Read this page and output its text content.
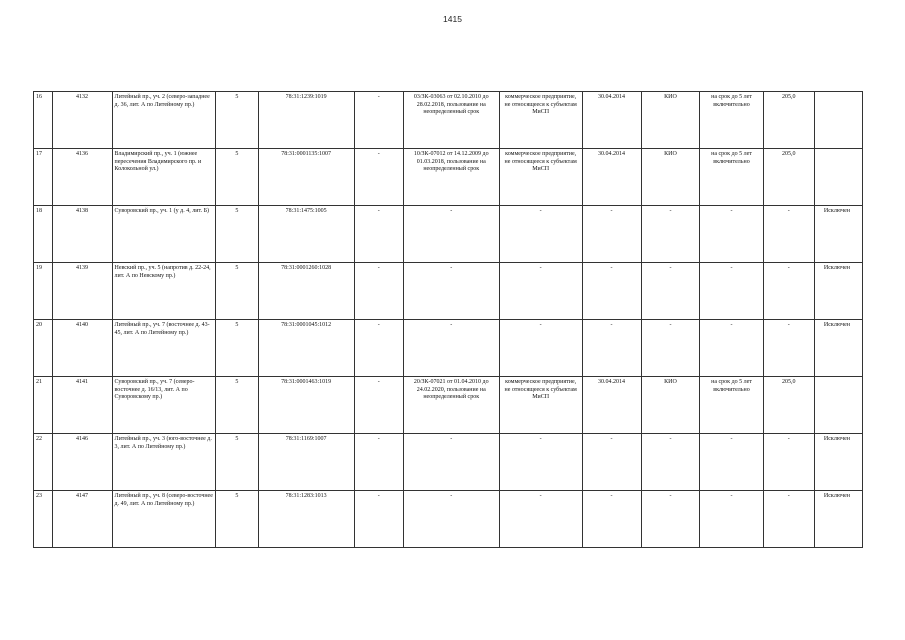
1415
16	4132	Литейный пр., уч. 2 (северо-западнее д. 36, лит. А по Литейному пр.)	5	78:31:1239:1019	-	03/ЗК-03063 от 02.10.2010 до 28.02.2018, пользование на неопределенный срок	коммерческое предприятие, не относящееся к субъектам МиСП	30.04.2014	КИО	на срок до 5 лет включительно	205,0	
17	4136	Владимирский пр., уч. 1 (южнее пересечения Владимирского пр. и Колокольной ул.)	5	78:31:0001135:1007	-	10/ЗК-07012 от 14.12.2009 до 01.03.2018, пользование на неопределенный срок	коммерческое предприятие, не относящееся к субъектам МиСП	30.04.2014	КИО	на срок до 5 лет включительно	205,0	
18	4138	Суворовский пр., уч. 1 (у д. 4, лит. Б)	5	78:31:1475:1005	-	-	-	-	-	-	-	Исключен
19	4139	Невский пр., уч. 5 (напротив д. 22-24, лит. А по Невскому пр.)	5	78:31:0001260:1028	-	-	-	-	-	-	-	Исключен
20	4140	Литейный пр., уч. 7 (восточнее д. 43-45, лит. А по Литейному пр.)	5	78:31:0001045:1012	-	-	-	-	-	-	-	Исключен
21	4141	Суворовский пр., уч. 7 (северо-восточнее д. 16/13, лит. А по Суворовскому пр.)	5	78:31:0001463:1019	-	20/ЗК-07021 от 01.04.2010 до 24.02.2020, пользование на неопределенный срок	коммерческое предприятие, не относящееся к субъектам МиСП	30.04.2014	КИО	на срок до 5 лет включительно	205,0	
22	4146	Литейный пр., уч. 3 (юго-восточнее д. 3, лит. А по Литейному пр.)	5	78:31:1169:1007	-	-	-	-	-	-	-	Исключен
23	4147	Литейный пр., уч. 8 (северо-восточнее д. 49, лит. А по Литейному пр.)	5	78:31:1283:1013	-	-	-	-	-	-	-	Исключен
